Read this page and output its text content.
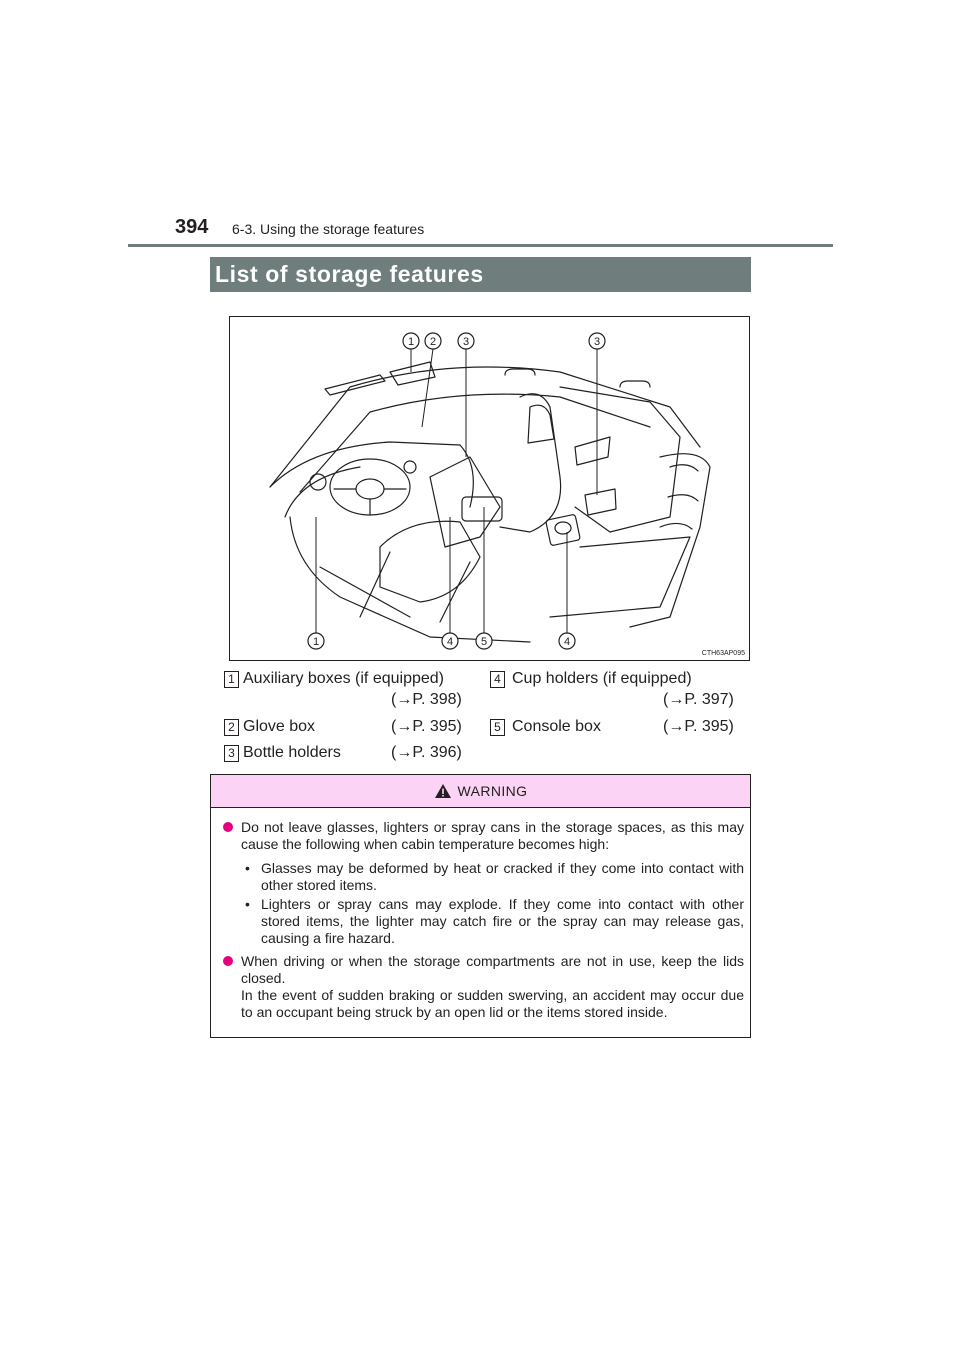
394 6-3. Using the storage features
List of storage features
1 2 3	3
1	4	5	4
CTH63AP095
1 Auxiliary boxes (if equipped)
(→P. 398)
2 Glove box	(→P. 395)
3 Bottle holders	(→P. 396)
4 Cup holders (if equipped)
(→P. 397)
5 Console box	(→P. 395)
WARNING
Do not leave glasses, lighters or spray cans in the storage spaces, as this may cause the following when cabin temperature becomes high:
• Glasses may be deformed by heat or cracked if they come into contact with other stored items.
• Lighters or spray cans may explode. If they come into contact with other stored items, the lighter may catch fire or the spray can may release gas, causing a fire hazard.
When driving or when the storage compartments are not in use, keep the lids closed.
In the event of sudden braking or sudden swerving, an accident may occur due to an occupant being struck by an open lid or the items stored inside.
